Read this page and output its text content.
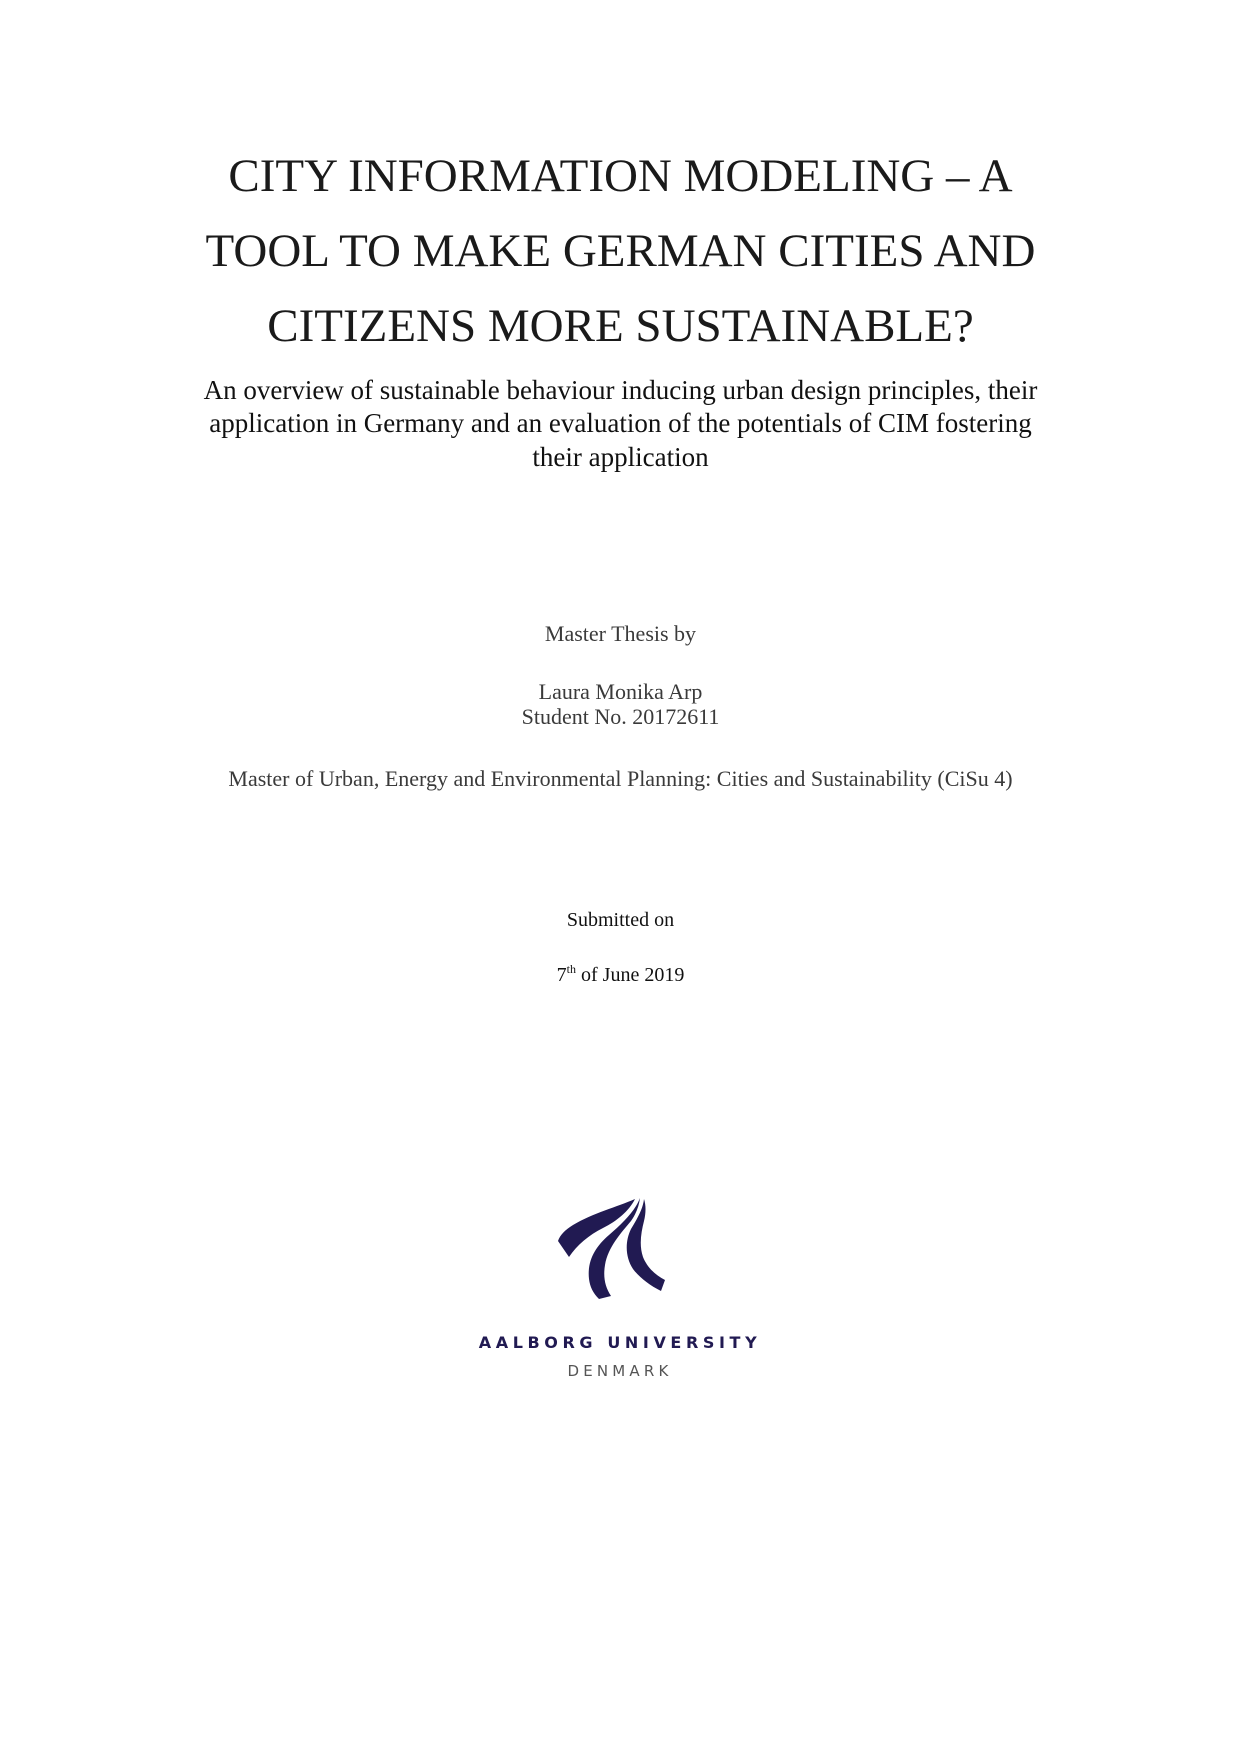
CITY INFORMATION MODELING – A
TOOL TO MAKE GERMAN CITIES AND
CITIZENS MORE SUSTAINABLE?

An overview of sustainable behaviour inducing urban design principles, their

application in Germany and an evaluation of the potentials of CIM fostering

their application

Master Thesis by

Laura Monika Arp

Student No. 20172611

Master of Urban, Energy and Environmental Planning: Cities and Sustainability (CiSu 4)

Submitted on

7th of June 2019

AALBORG UNIVERSITY
DENMARK
